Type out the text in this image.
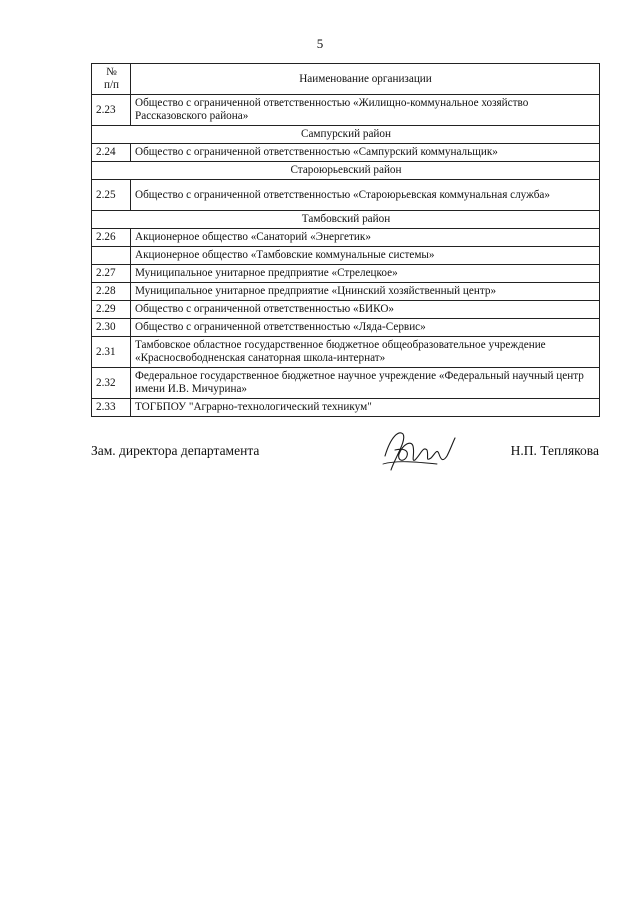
5
№
п/п	Наименование организации
2.23	Общество с ограниченной ответственностью «Жилищно-коммунальное хозяйство Рассказовского района»
Сампурский район	
2.24	Общество с ограниченной ответственностью «Сампурский коммунальщик»
Староюрьевский район	
2.25	Общество с ограниченной ответственностью «Староюрьевская коммунальная служба»
Тамбовский район	
2.26	Акционерное общество «Санаторий «Энергетик»
	Акционерное общество «Тамбовские коммунальные системы»
2.27	Муниципальное унитарное предприятие «Стрелецкое»
2.28	Муниципальное унитарное предприятие «Цнинский хозяйственный центр»
2.29	Общество с ограниченной ответственностью «БИКО»
2.30	Общество с ограниченной ответственностью «Ляда-Сервис»
2.31	Тамбовское областное государственное бюджетное общеобразовательное учреждение «Красносвободненская санаторная школа-интернат»
2.32	Федеральное государственное бюджетное научное учреждение «Федеральный научный центр имени И.В. Мичурина»
2.33	ТОГБПОУ "Аграрно-технологический техникум"
Зам. директора департамента	Н.П. Теплякова
